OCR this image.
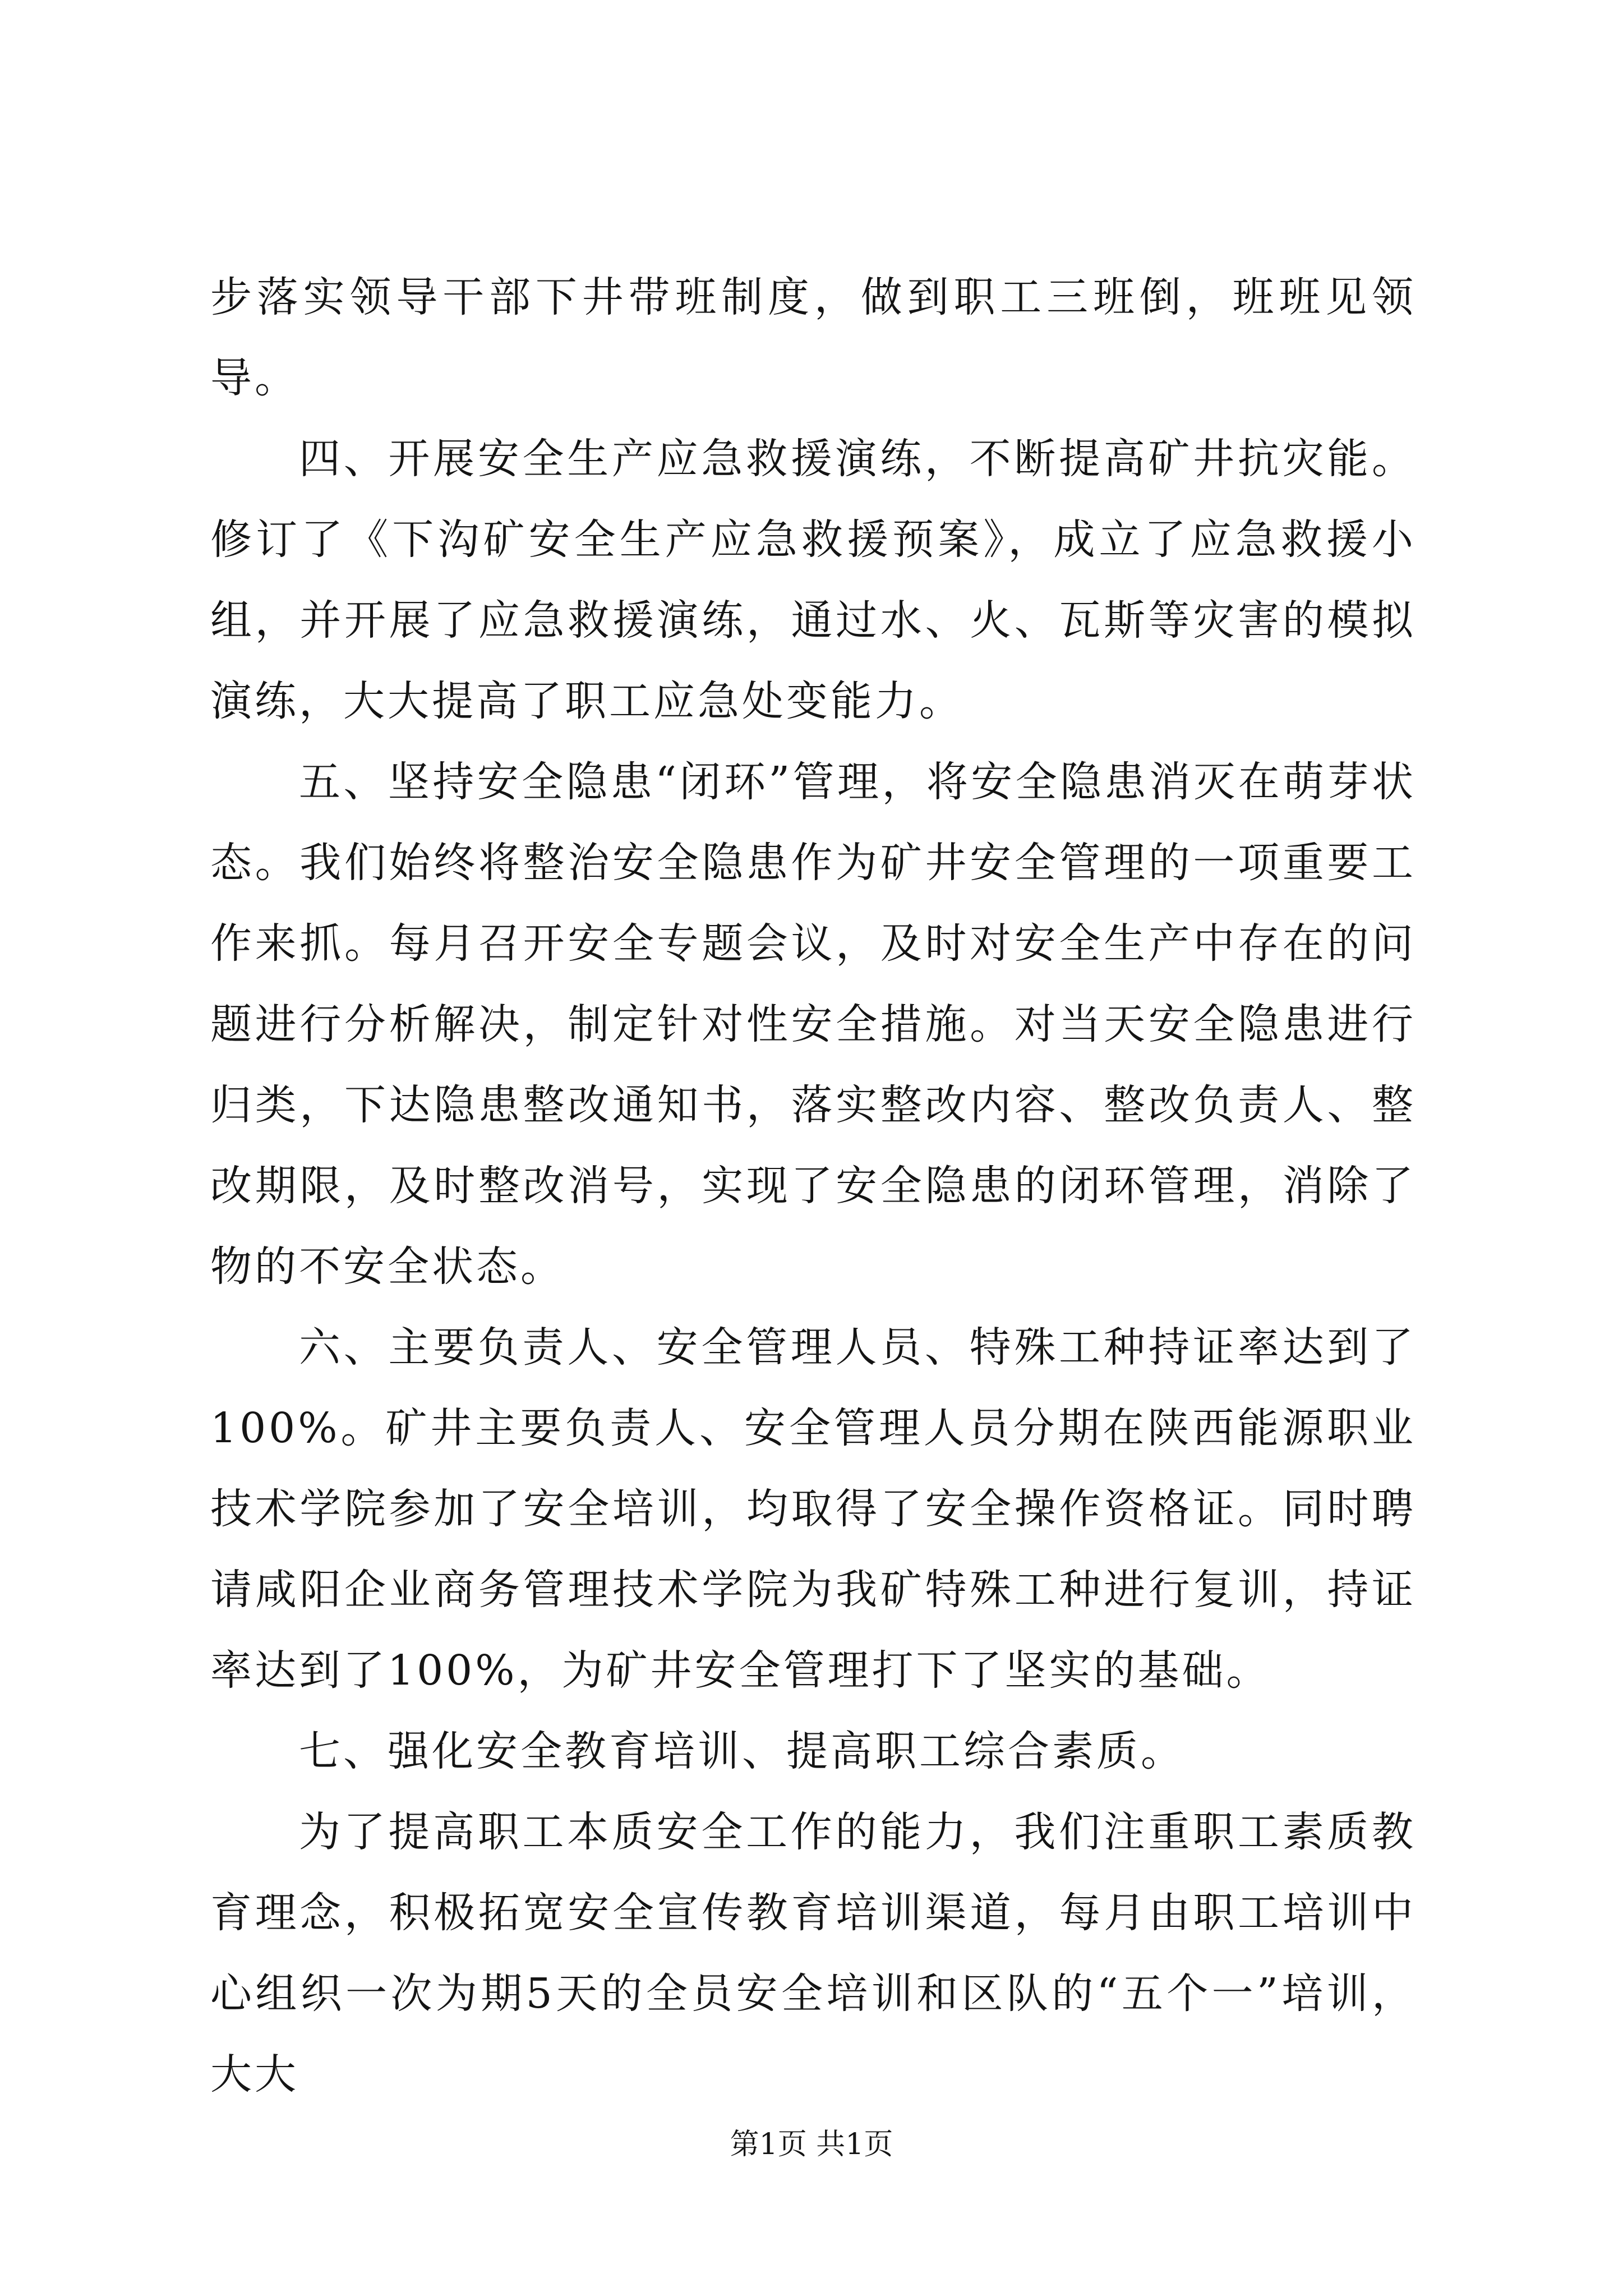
步落实领导干部下井带班制度，做到职工三班倒，班班见领导。

四、开展安全生产应急救援演练，不断提高矿井抗灾能。修订了《下沟矿安全生产应急救援预案》，成立了应急救援小组，并开展了应急救援演练，通过水、火、瓦斯等灾害的模拟演练，大大提高了职工应急处变能力。

五、坚持安全隐患“闭环”管理，将安全隐患消灭在萌芽状态。我们始终将整治安全隐患作为矿井安全管理的一项重要工作来抓。每月召开安全专题会议，及时对安全生产中存在的问题进行分析解决，制定针对性安全措施。对当天安全隐患进行归类，下达隐患整改通知书，落实整改内容、整改负责人、整改期限，及时整改消号，实现了安全隐患的闭环管理，消除了物的不安全状态。

六、主要负责人、安全管理人员、特殊工种持证率达到了100%。矿井主要负责人、安全管理人员分期在陕西能源职业技术学院参加了安全培训，均取得了安全操作资格证。同时聘请咸阳企业商务管理技术学院为我矿特殊工种进行复训，持证率达到了100%，为矿井安全管理打下了坚实的基础。

七、强化安全教育培训、提高职工综合素质。

为了提高职工本质安全工作的能力，我们注重职工素质教育理念，积极拓宽安全宣传教育培训渠道，每月由职工培训中心组织一次为期5天的全员安全培训和区队的“五个一”培训，大大

第1页 共1页
